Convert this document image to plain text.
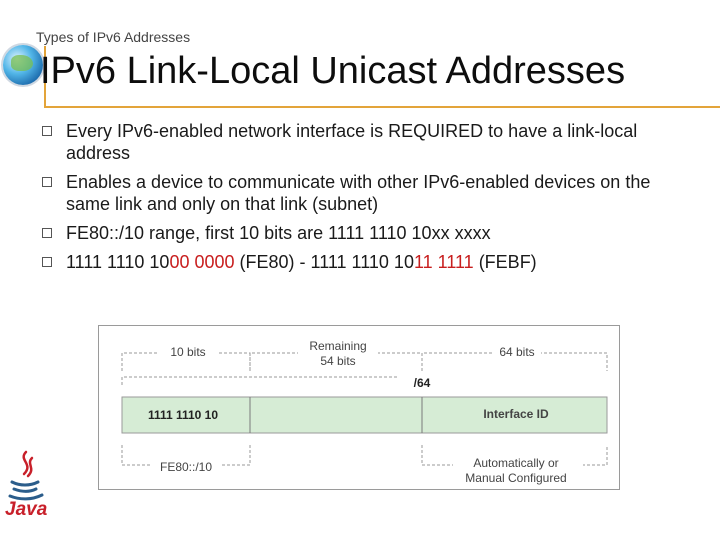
Types of IPv6 Addresses
IPv6 Link-Local Unicast Addresses
Every IPv6-enabled network interface is REQUIRED to have a link-local address
Enables a device to communicate with other IPv6-enabled devices on the same link and only on that link (subnet)
FE80::/10 range, first 10 bits are 1111 1110 10xx xxxx
1111 1110 1000 0000 (FE80) - 1111 1110 1011 1111 (FEBF)
10 bits	Remaining
54 bits
64 bits
/64
1111 1110 10	Interface ID
FE80::/10	Automatically or
Manual Configured
Java
